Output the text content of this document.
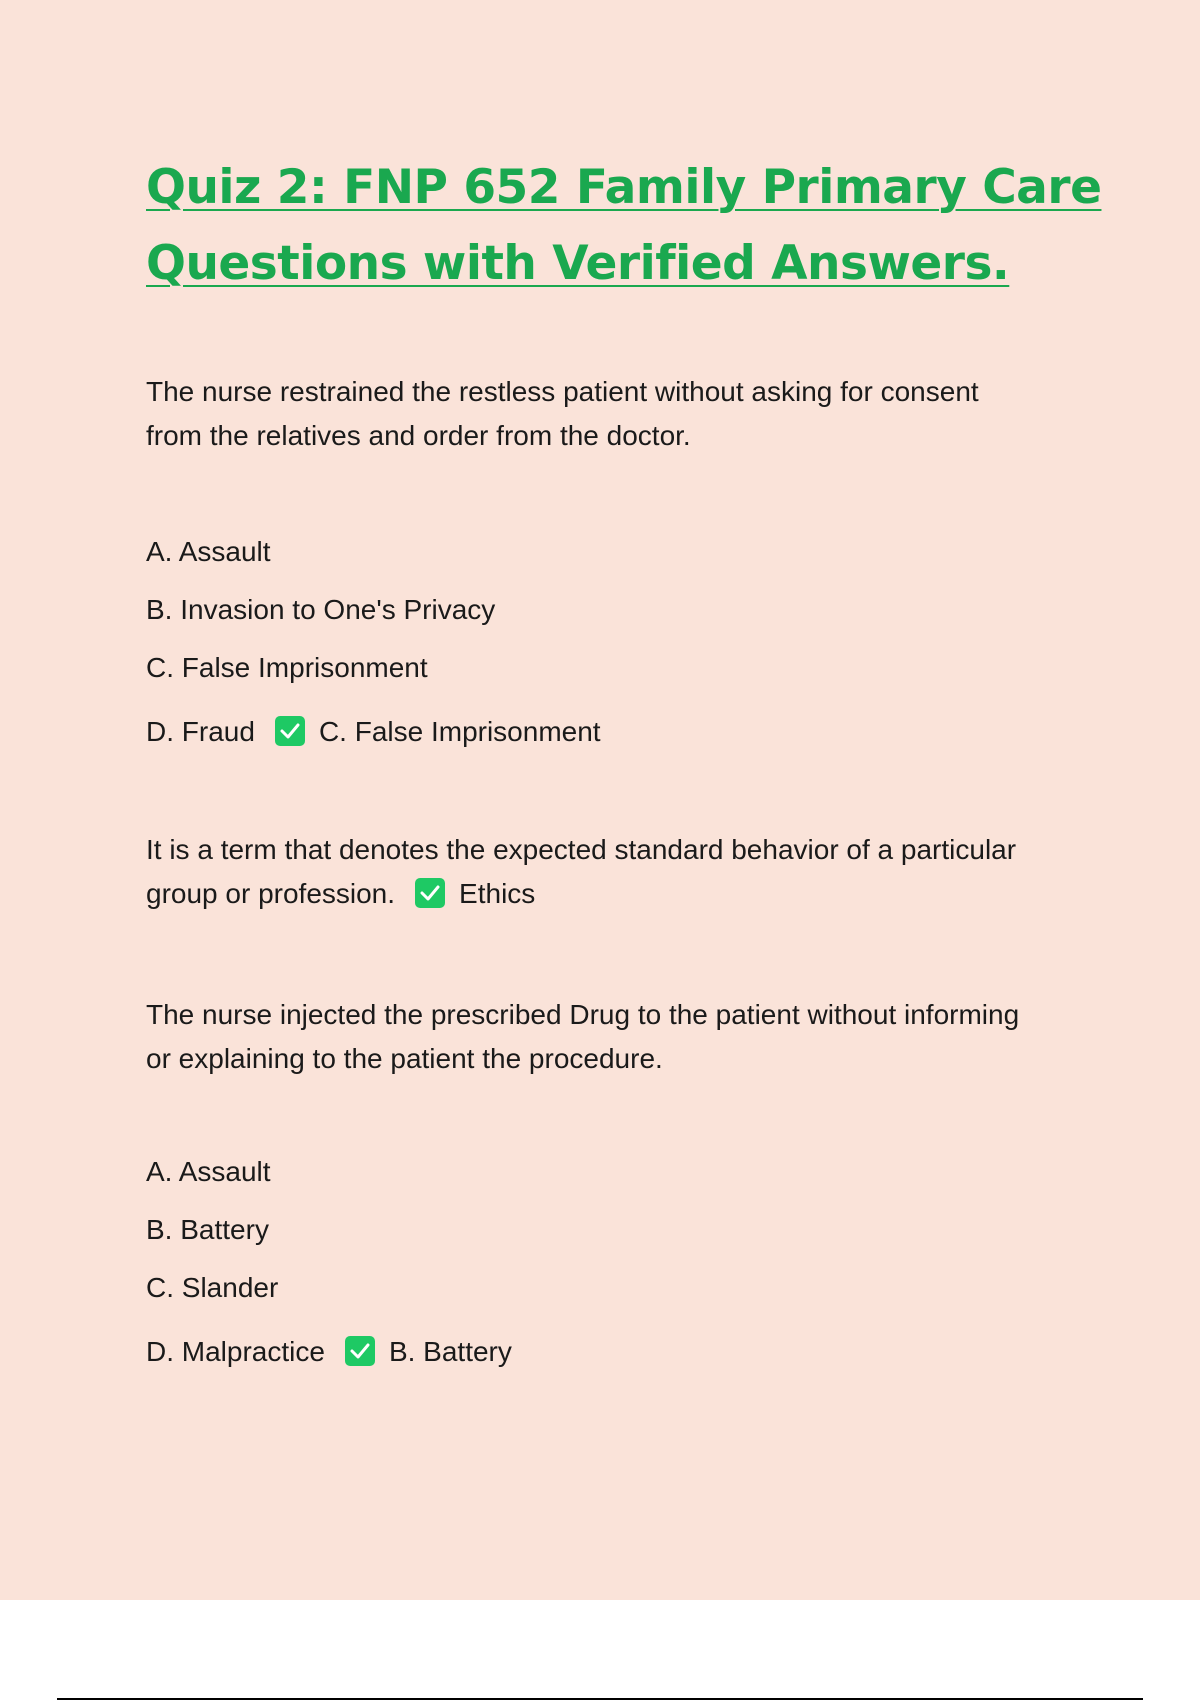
Quiz 2: FNP 652 Family Primary Care
Questions with Verified Answers.

The nurse restrained the restless patient without asking for consent
from the relatives and order from the doctor.

A. Assault
B. Invasion to One's Privacy
C. False Imprisonment
D. Fraud C. False Imprisonment

It is a term that denotes the expected standard behavior of a particular
group or profession. Ethics

The nurse injected the prescribed Drug to the patient without informing
or explaining to the patient the procedure.

A. Assault
B. Battery
C. Slander
D. Malpractice B. Battery
